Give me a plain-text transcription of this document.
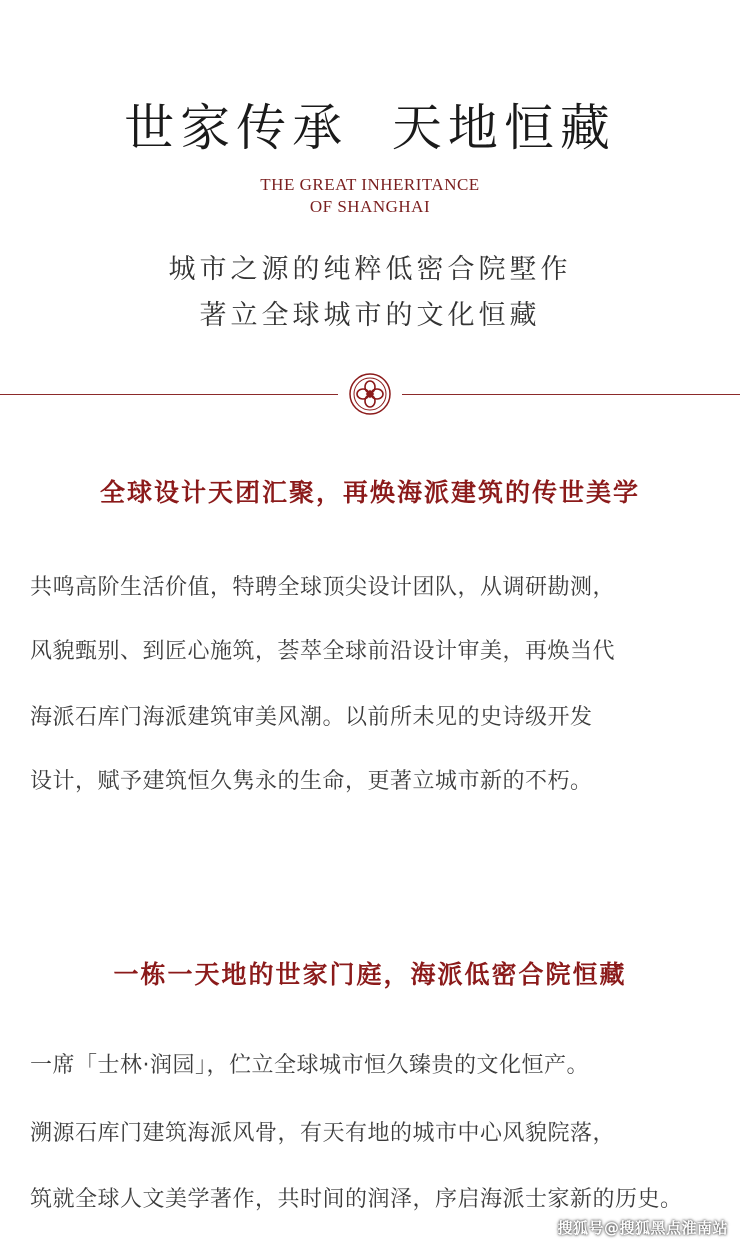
世家传承  天地恒藏
THE GREAT INHERITANCE
OF SHANGHAI
城市之源的纯粹低密合院墅作
著立全球城市的文化恒藏
全球设计天团汇聚，再焕海派建筑的传世美学
共鸣高阶生活价值，特聘全球顶尖设计团队，从调研勘测，
风貌甄别、到匠心施筑，荟萃全球前沿设计审美，再焕当代
海派石库门海派建筑审美风潮。以前所未见的史诗级开发
设计，赋予建筑恒久隽永的生命，更著立城市新的不朽。
一栋一天地的世家门庭，海派低密合院恒藏
一席「士林·润园」，伫立全球城市恒久臻贵的文化恒产。
溯源石库门建筑海派风骨，有天有地的城市中心风貌院落，
筑就全球人文美学著作，共时间的润泽，序启海派士家新的历史。
搜狐号@搜狐黑点淮南站
